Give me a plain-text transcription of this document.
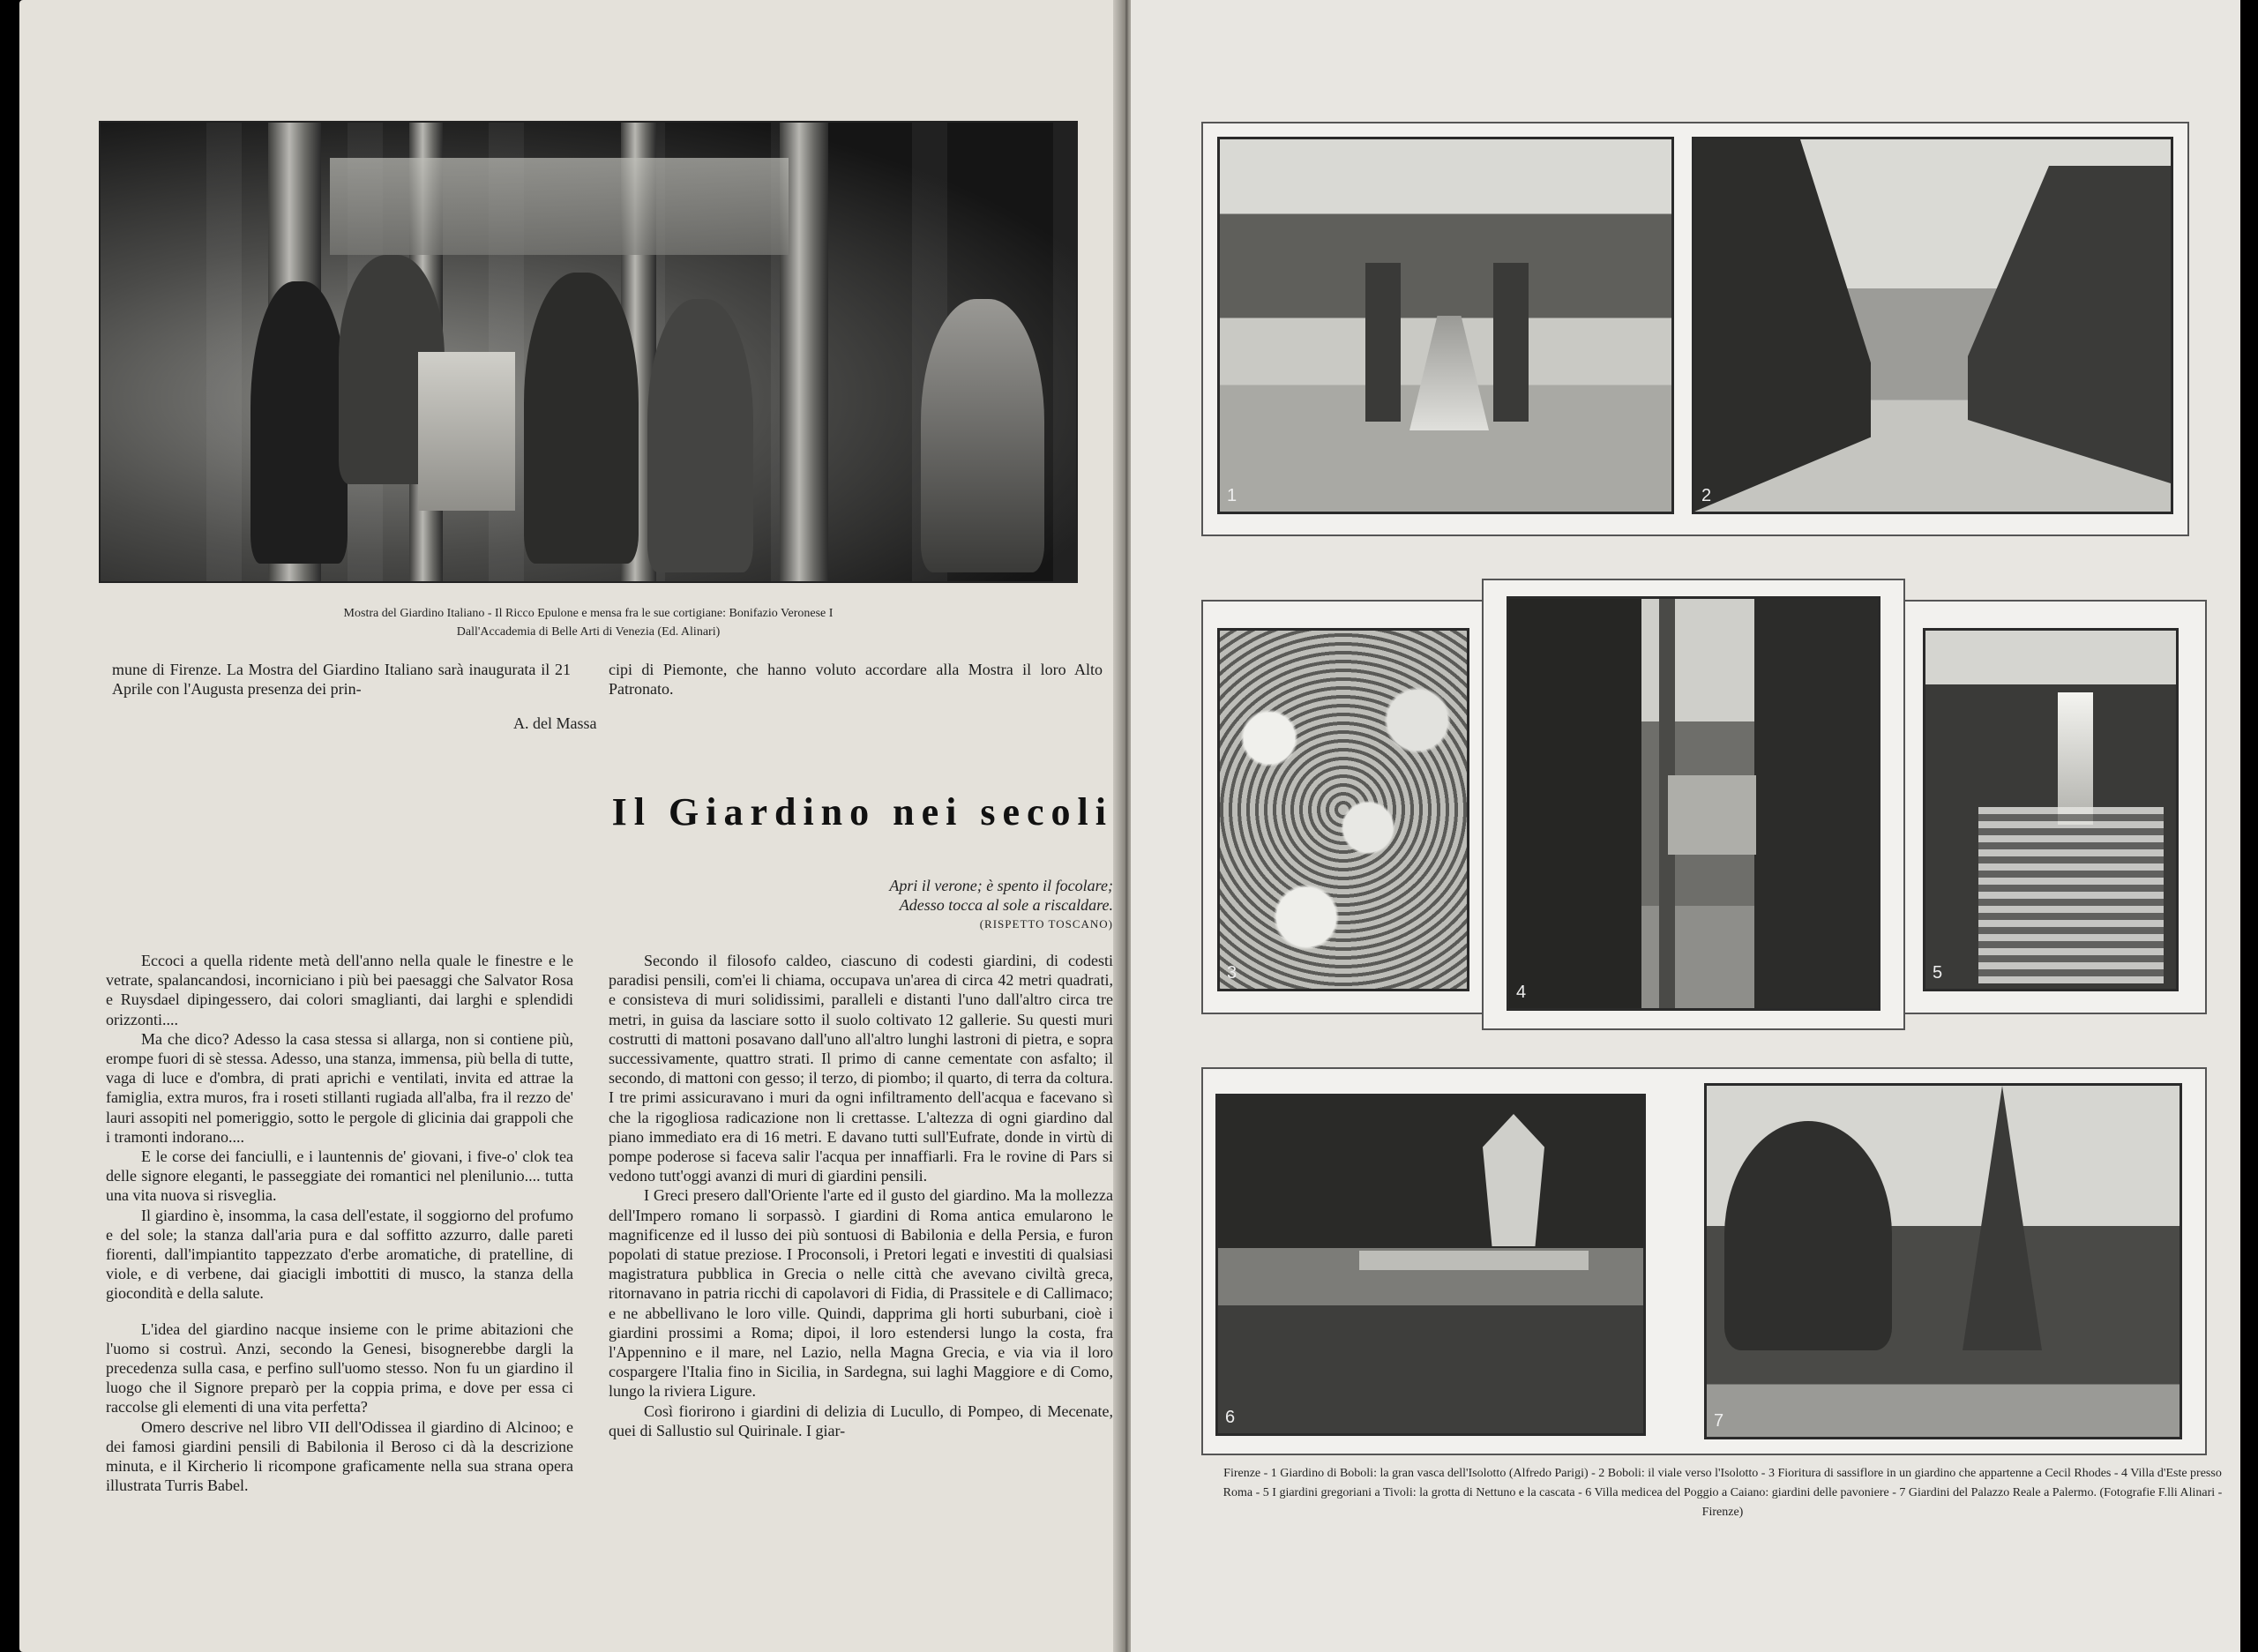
Mostra del Giardino Italiano - Il Ricco Epulone e mensa fra le sue cortigiane: Bonifazio Veronese I
Dall'Accademia di Belle Arti di Venezia (Ed. Alinari)

mune di Firenze. La Mostra del Giardino Italiano sarà inaugurata il 21 Aprile con l'Augusta presenza dei prin-

cipi di Piemonte, che hanno voluto accordare alla Mostra il loro Alto Patronato.

A. del Massa
Il Giardino nei secoli
Apri il verone; è spento il focolare;
Adesso tocca al sole a riscaldare.
(RISPETTO TOSCANO)

Eccoci a quella ridente metà dell'anno nella quale le finestre e le vetrate, spalancandosi, incorniciano i più bei paesaggi che Salvator Rosa e Ruysdael dipingessero, dai colori smaglianti, dai larghi e splendidi orizzonti....

Ma che dico? Adesso la casa stessa si allarga, non si contiene più, erompe fuori di sè stessa. Adesso, una stanza, immensa, più bella di tutte, vaga di luce e d'ombra, di prati aprichi e ventilati, invita ed attrae la famiglia, extra muros, fra i roseti stillanti rugiada all'alba, fra il rezzo de' lauri assopiti nel pomeriggio, sotto le pergole di glicinia dai grappoli che i tramonti indorano....

E le corse dei fanciulli, e i launtennis de' giovani, i five-o' clok tea delle signore eleganti, le passeggiate dei romantici nel plenilunio.... tutta una vita nuova si risveglia.

Il giardino è, insomma, la casa dell'estate, il soggiorno del profumo e del sole; la stanza dall'aria pura e dal soffitto azzurro, dalle pareti fiorenti, dall'impiantito tappezzato d'erbe aromatiche, di pratelline, di viole, e di verbene, dai giacigli imbottiti di musco, la stanza della giocondità e della salute.

L'idea del giardino nacque insieme con le prime abitazioni che l'uomo si costruì. Anzi, secondo la Genesi, bisognerebbe dargli la precedenza sulla casa, e perfino sull'uomo stesso. Non fu un giardino il luogo che il Signore preparò per la coppia prima, e dove per essa ci raccolse gli elementi di una vita perfetta?

Omero descrive nel libro VII dell'Odissea il giardino di Alcinoo; e dei famosi giardini pensili di Babilonia il Beroso ci dà la descrizione minuta, e il Kircherio li ricompone graficamente nella sua strana opera illustrata Turris Babel.

Secondo il filosofo caldeo, ciascuno di codesti giardini, di codesti paradisi pensili, com'ei li chiama, occupava un'area di circa 42 metri quadrati, e consisteva di muri solidissimi, paralleli e distanti l'uno dall'altro circa tre metri, in guisa da lasciare sotto il suolo coltivato 12 gallerie. Su questi muri costrutti di mattoni posavano dall'uno all'altro lunghi lastroni di pietra, e sopra successivamente, quattro strati. Il primo di canne cementate con asfalto; il secondo, di mattoni con gesso; il terzo, di piombo; il quarto, di terra da coltura. I tre primi assicuravano i muri da ogni infiltramento dell'acqua e facevano sì che la rigogliosa radicazione non li crettasse. L'altezza di ogni giardino dal piano immediato era di 16 metri. E davano tutti sull'Eufrate, donde in virtù di pompe poderose si faceva salir l'acqua per innaffiarli. Fra le rovine di Pars si vedono tutt'oggi avanzi di muri di giardini pensili.

I Greci presero dall'Oriente l'arte ed il gusto del giardino. Ma la mollezza dell'Impero romano li sorpassò. I giardini di Roma antica emularono le magnificenze ed il lusso dei più sontuosi di Babilonia e della Persia, e furon popolati di statue preziose. I Proconsoli, i Pretori legati e investiti di qualsiasi magistratura pubblica in Grecia o nelle città che avevano civiltà greca, ritornavano in patria ricchi di capolavori di Fidia, di Prassitele e di Callimaco; e ne abbellivano le loro ville. Quindi, dapprima gli horti suburbani, cioè i giardini prossimi a Roma; dipoi, il loro estendersi lungo la costa, fra l'Appennino e il mare, nel Lazio, nella Magna Grecia, e via via il loro cospargere l'Italia fino in Sicilia, in Sardegna, sui laghi Maggiore e di Como, lungo la riviera Ligure.

Così fiorirono i giardini di delizia di Lucullo, di Pompeo, di Mecenate, quei di Sallustio sul Quirinale. I giar-

1	2
3
4
5
6	7
Firenze - 1 Giardino di Boboli: la gran vasca dell'Isolotto (Alfredo Parigi) - 2 Boboli: il viale verso l'Isolotto - 3 Fioritura di sassiflore in un giardino che appartenne a Cecil Rhodes - 4 Villa d'Este presso Roma - 5 I giardini gregoriani a Tivoli: la grotta di Nettuno e la cascata - 6 Villa medicea del Poggio a Caiano: giardini delle pavoniere - 7 Giardini del Palazzo Reale a Palermo. (Fotografie F.lli Alinari - Firenze)
